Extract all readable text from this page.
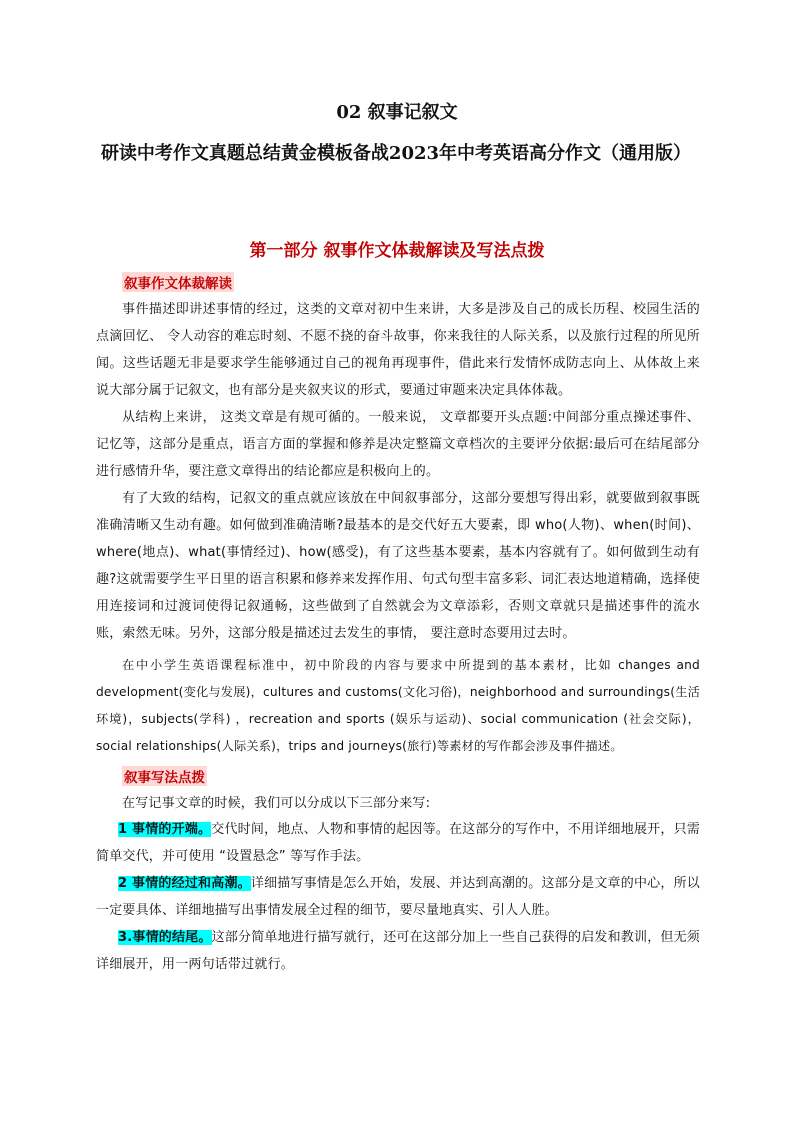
02 叙事记叙文
研读中考作文真题总结黄金模板备战2023年中考英语高分作文（通用版）
第一部分 叙事作文体裁解读及写法点拨
叙事作文体裁解读
事件描述即讲述事情的经过，这类的文章对初中生来讲，大多是涉及自己的成长历程、校园生活的点滴回忆、 令人动容的难忘时刻、不愿不挠的奋斗故事，你来我往的人际关系，以及旅行过程的所见所闻。这些话题无非是要求学生能够通过自己的视角再现事件，借此来行发情怀成防志向上、从体故上来说大部分属于记叙文，也有部分是夹叙夹议的形式，要通过审题来决定具体体裁。
从结构上来讲， 这类文章是有规可循的。一般来说， 文章都要开头点题:中间部分重点操述事件、记忆等，这部分是重点，语言方面的掌握和修养是决定整篇文章档次的主要评分依据:最后可在结尾部分进行感情升华，要注意文章得出的结论都应是积极向上的。
有了大致的结构，记叙文的重点就应该放在中间叙事部分，这部分要想写得出彩，就要做到叙事既准确清晰又生动有趣。如何做到准确清晰?最基本的是交代好五大要素，即 who(人物)、when(时间)、where(地点)、what(事情经过)、how(感受)，有了这些基本要素，基本内容就有了。如何做到生动有趣?这就需要学生平日里的语言积累和修养来发挥作用、句式句型丰富多彩、词汇表达地道精确，选择使用连接词和过渡词使得记叙通畅，这些做到了自然就会为文章添彩，否则文章就只是描述事件的流水账，索然无味。另外，这部分般是描述过去发生的事情， 要注意时态要用过去时。
在中小学生英语课程标准中，初中阶段的内容与要求中所提到的基本素材，比如 changes and development(变化与发展)，cultures and customs(文化习俗)，neighborhood and surroundings(生活环境)，subjects(学科) ，recreation and sports (娱乐与运动)、social communication (社会交际)，social relationships(人际关系)，trips and journeys(旅行)等素材的写作都会涉及事件描述。
叙事写法点拨
在写记事文章的时候，我们可以分成以下三部分来写:
1 事情的开端。交代时间，地点、人物和事情的起因等。在这部分的写作中，不用详细地展开，只需简单交代，并可使用 “设置悬念” 等写作手法。
2 事情的经过和高潮。详细描写事情是怎么开始，发展、并达到高潮的。这部分是文章的中心，所以一定要具体、详细地描写出事情发展全过程的细节，要尽量地真实、引人人胜。
3.事情的结尾。这部分简单地进行描写就行，还可在这部分加上一些自己获得的启发和教训，但无须详细展开，用一两句话带过就行。
